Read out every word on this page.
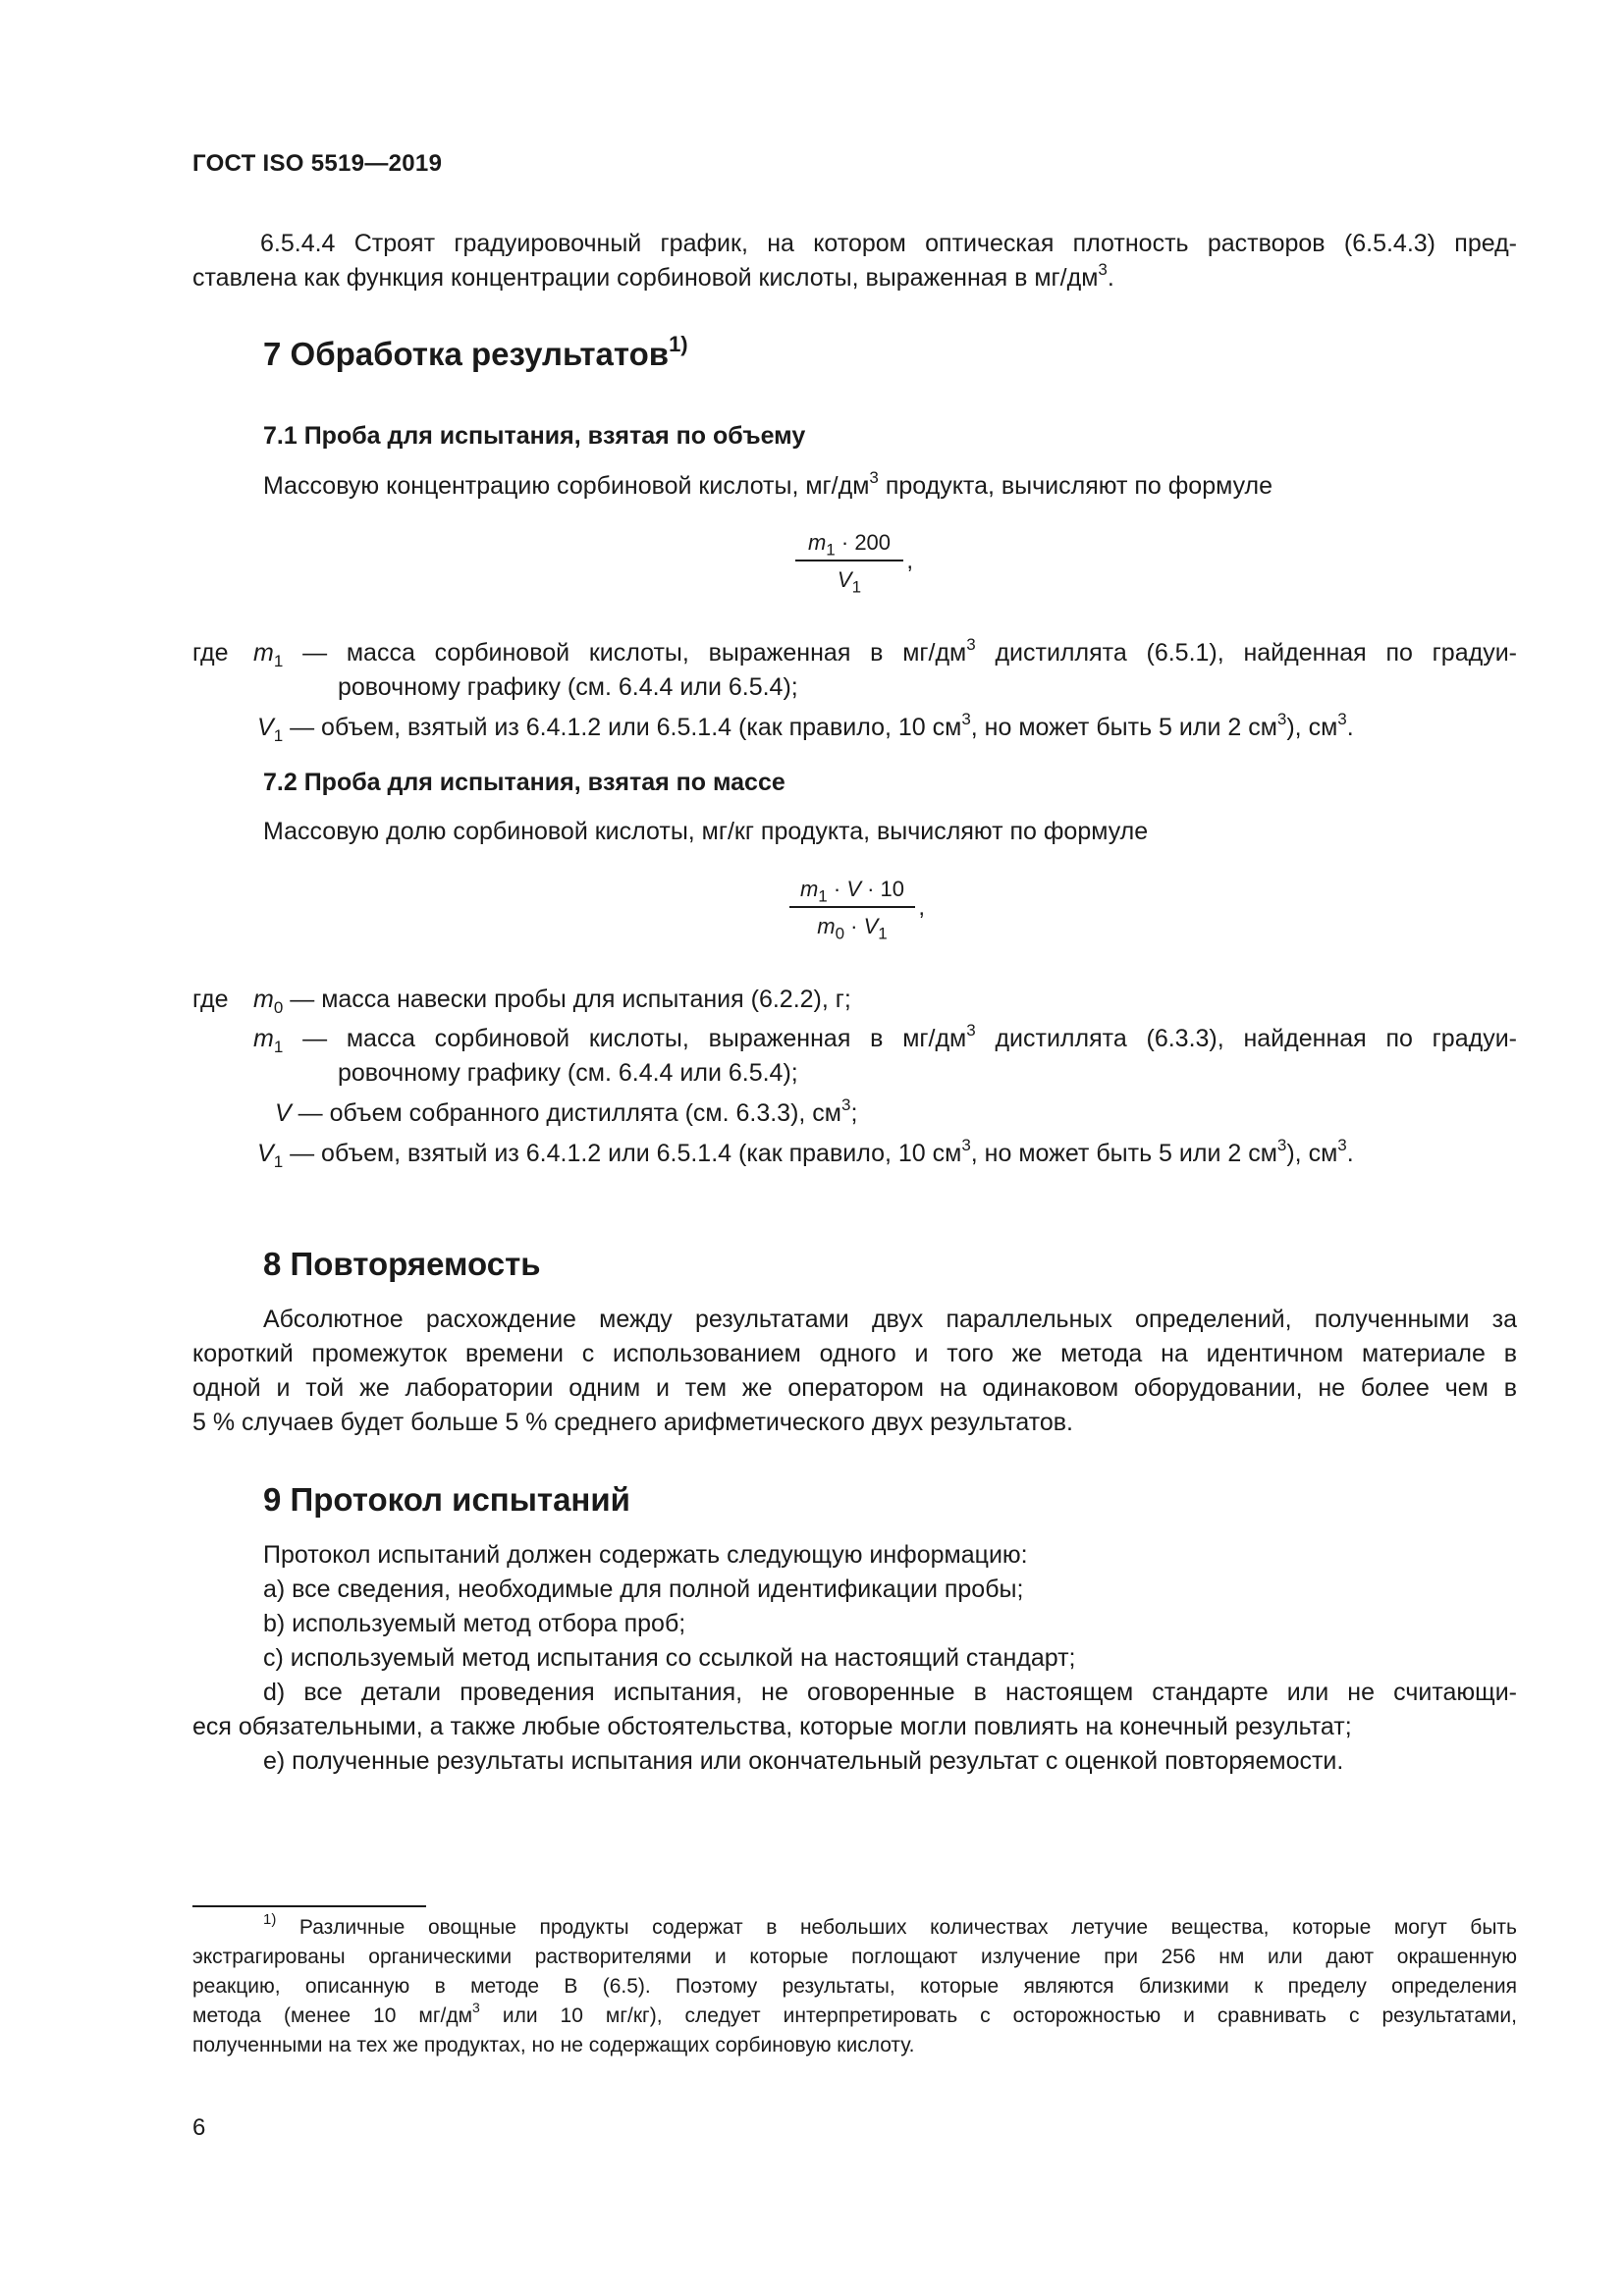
ГОСТ ISO 5519—2019
6.5.4.4 Строят градуировочный график, на котором оптическая плотность растворов (6.5.4.3) пред-
ставлена как функция концентрации сорбиновой кислоты, выраженная в $мг/дм^3$.
7 Обработка результатов$^{1)}$
7.1 Проба для испытания, взятая по объему
Массовую концентрацию сорбиновой кислоты, $мг/дм^3$ продукта, вычисляют по формуле
$m_1 \cdot 200$
$V_1$
,
где $m_1$ — масса сорбиновой кислоты, выраженная в $мг/дм^3$ дистиллята (6.5.1), найденная по градуи-
ровочному графику (см. 6.4.4 или 6.5.4);
$V_1$ — объем, взятый из 6.4.1.2 или 6.5.1.4 (как правило, 10 $см^3$, но может быть 5 или 2 $см^3$), $см^3$.
7.2 Проба для испытания, взятая по массе
Массовую долю сорбиновой кислоты, мг/кг продукта, вычисляют по формуле
$m_1 \cdot V \cdot 10$
$m_0 \cdot V_1$
,
где $m_0$ — масса навески пробы для испытания (6.2.2), г;
$m_1$ — масса сорбиновой кислоты, выраженная в $мг/дм^3$ дистиллята (6.3.3), найденная по градуи-
ровочному графику (см. 6.4.4 или 6.5.4);
V — объем собранного дистиллята (см. 6.3.3), $см^3$;
$V_1$ — объем, взятый из 6.4.1.2 или 6.5.1.4 (как правило, 10 $см^3$, но может быть 5 или 2 $см^3$), $см^3$.
8 Повторяемость
Абсолютное расхождение между результатами двух параллельных определений, полученными за
короткий промежуток времени с использованием одного и того же метода на идентичном материале в
одной и той же лаборатории одним и тем же оператором на одинаковом оборудовании, не более чем в
5 % случаев будет больше 5 % среднего арифметического двух результатов.
9 Протокол испытаний
Протокол испытаний должен содержать следующую информацию:
a) все сведения, необходимые для полной идентификации пробы;
b) используемый метод отбора проб;
c) используемый метод испытания со ссылкой на настоящий стандарт;
d) все детали проведения испытания, не оговоренные в настоящем стандарте или не считающи-
еся обязательными, а также любые обстоятельства, которые могли повлиять на конечный результат;
e) полученные результаты испытания или окончательный результат с оценкой повторяемости.
$^{1)}$ Различные овощные продукты содержат в небольших количествах летучие вещества, которые могут быть
экстрагированы органическими растворителями и которые поглощают излучение при 256 нм или дают окрашенную
реакцию, описанную в методе В (6.5). Поэтому результаты, которые являются близкими к пределу определения
метода (менее 10 $мг/дм^3$ или 10 мг/кг), следует интерпретировать с осторожностью и сравнивать с результатами,
полученными на тех же продуктах, но не содержащих сорбиновую кислоту.
6
